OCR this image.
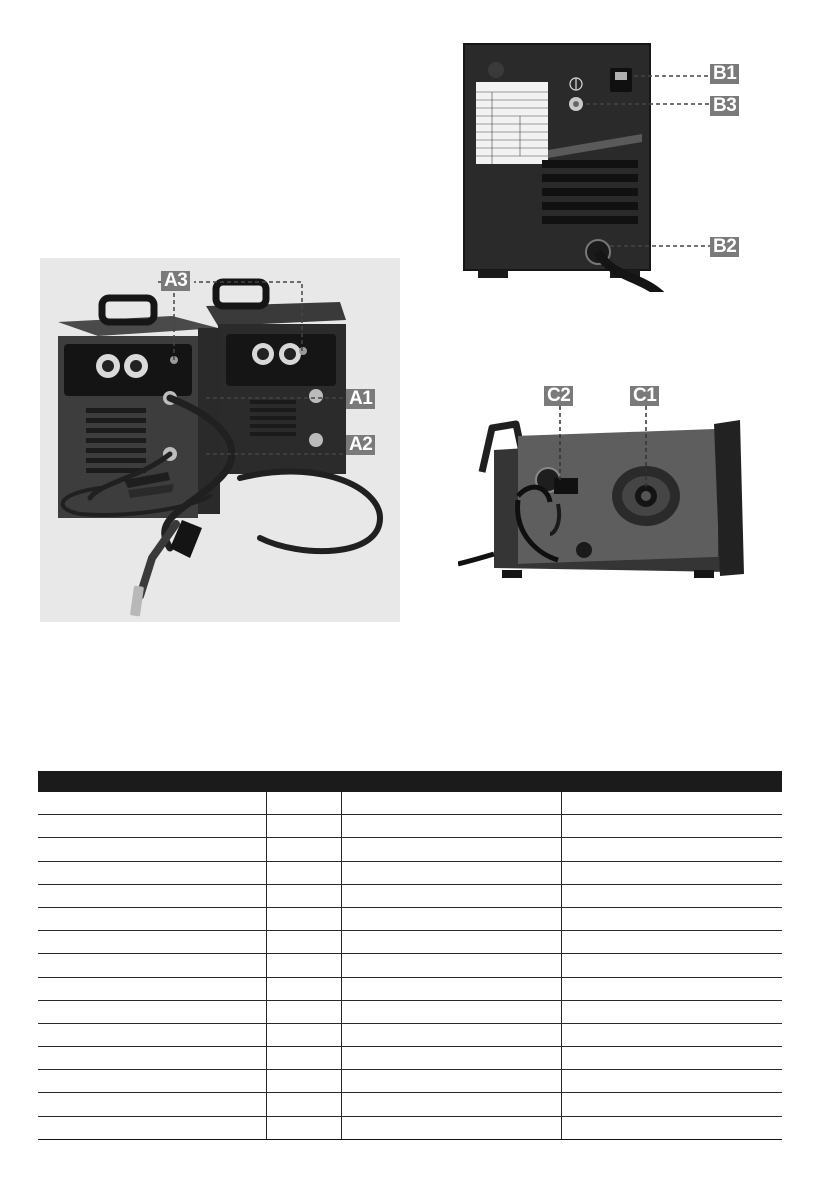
A3
A1
A2
B1
B3
B2
C2	C1
